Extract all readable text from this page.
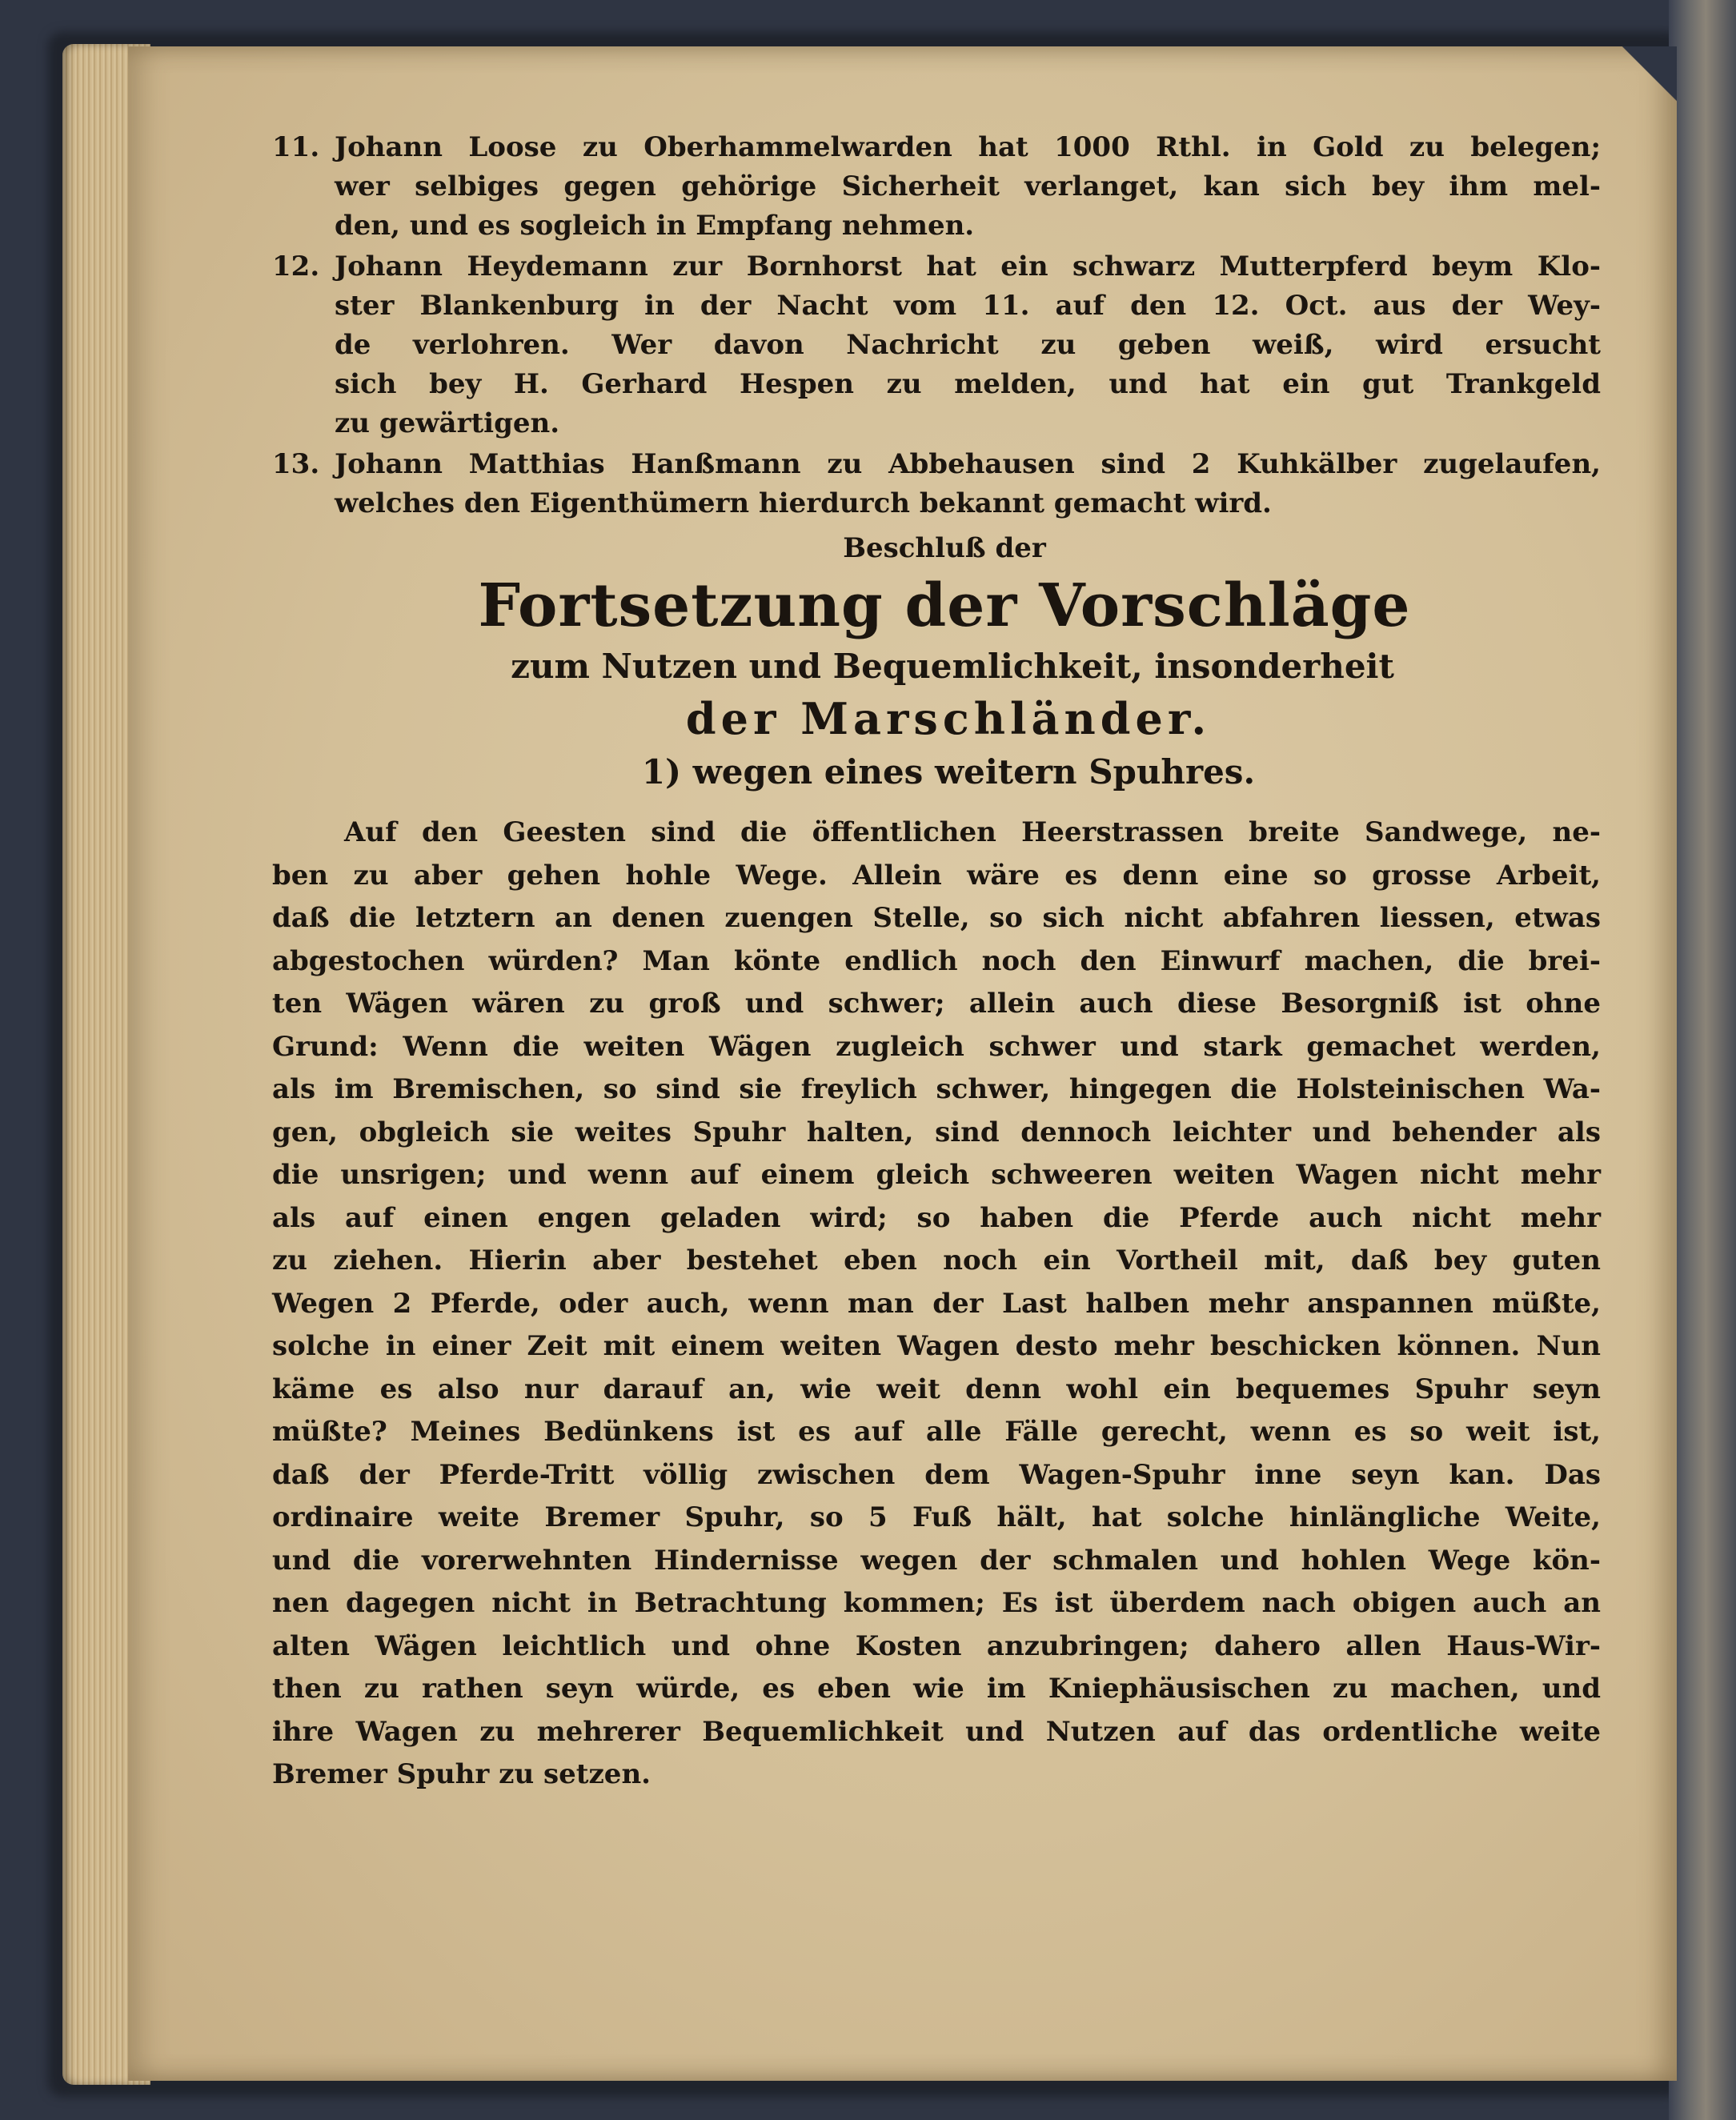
11. Johann Loose zu Oberhammelwarden hat 1000 Rthl. in Gold zu belegen;
wer selbiges gegen gehörige Sicherheit verlanget, kan sich bey ihm mel-
den, und es sogleich in Empfang nehmen.
12. Johann Heydemann zur Bornhorst hat ein schwarz Mutterpferd beym Klo-
ster Blankenburg in der Nacht vom 11. auf den 12. Oct. aus der Wey-
de verlohren. Wer davon Nachricht zu geben weiß, wird ersucht
sich bey H. Gerhard Hespen zu melden, und hat ein gut Trankgeld
zu gewärtigen.
13. Johann Matthias Hanßmann zu Abbehausen sind 2 Kuhkälber zugelaufen,
welches den Eigenthümern hierdurch bekannt gemacht wird.
Beschluß der
Fortsetzung der Vorschläge
zum Nutzen und Bequemlichkeit, insonderheit
der Marschländer.
1) wegen eines weitern Spuhres.
Auf den Geesten sind die öffentlichen Heerstrassen breite Sandwege, ne-
ben zu aber gehen hohle Wege. Allein wäre es denn eine so grosse Arbeit,
daß die letztern an denen zuengen Stelle, so sich nicht abfahren liessen, etwas
abgestochen würden? Man könte endlich noch den Einwurf machen, die brei-
ten Wägen wären zu groß und schwer; allein auch diese Besorgniß ist ohne
Grund: Wenn die weiten Wägen zugleich schwer und stark gemachet werden,
als im Bremischen, so sind sie freylich schwer, hingegen die Holsteinischen Wa-
gen, obgleich sie weites Spuhr halten, sind dennoch leichter und behender als
die unsrigen; und wenn auf einem gleich schweeren weiten Wagen nicht mehr
als auf einen engen geladen wird; so haben die Pferde auch nicht mehr
zu ziehen. Hierin aber bestehet eben noch ein Vortheil mit, daß bey guten
Wegen 2 Pferde, oder auch, wenn man der Last halben mehr anspannen müßte,
solche in einer Zeit mit einem weiten Wagen desto mehr beschicken können. Nun
käme es also nur darauf an, wie weit denn wohl ein bequemes Spuhr seyn
müßte? Meines Bedünkens ist es auf alle Fälle gerecht, wenn es so weit ist,
daß der Pferde-Tritt völlig zwischen dem Wagen-Spuhr inne seyn kan. Das
ordinaire weite Bremer Spuhr, so 5 Fuß hält, hat solche hinlängliche Weite,
und die vorerwehnten Hindernisse wegen der schmalen und hohlen Wege kön-
nen dagegen nicht in Betrachtung kommen; Es ist überdem nach obigen auch an
alten Wägen leichtlich und ohne Kosten anzubringen; dahero allen Haus-Wir-
then zu rathen seyn würde, es eben wie im Kniephäusischen zu machen, und
ihre Wagen zu mehrerer Bequemlichkeit und Nutzen auf das ordentliche weite
Bremer Spuhr zu setzen.
